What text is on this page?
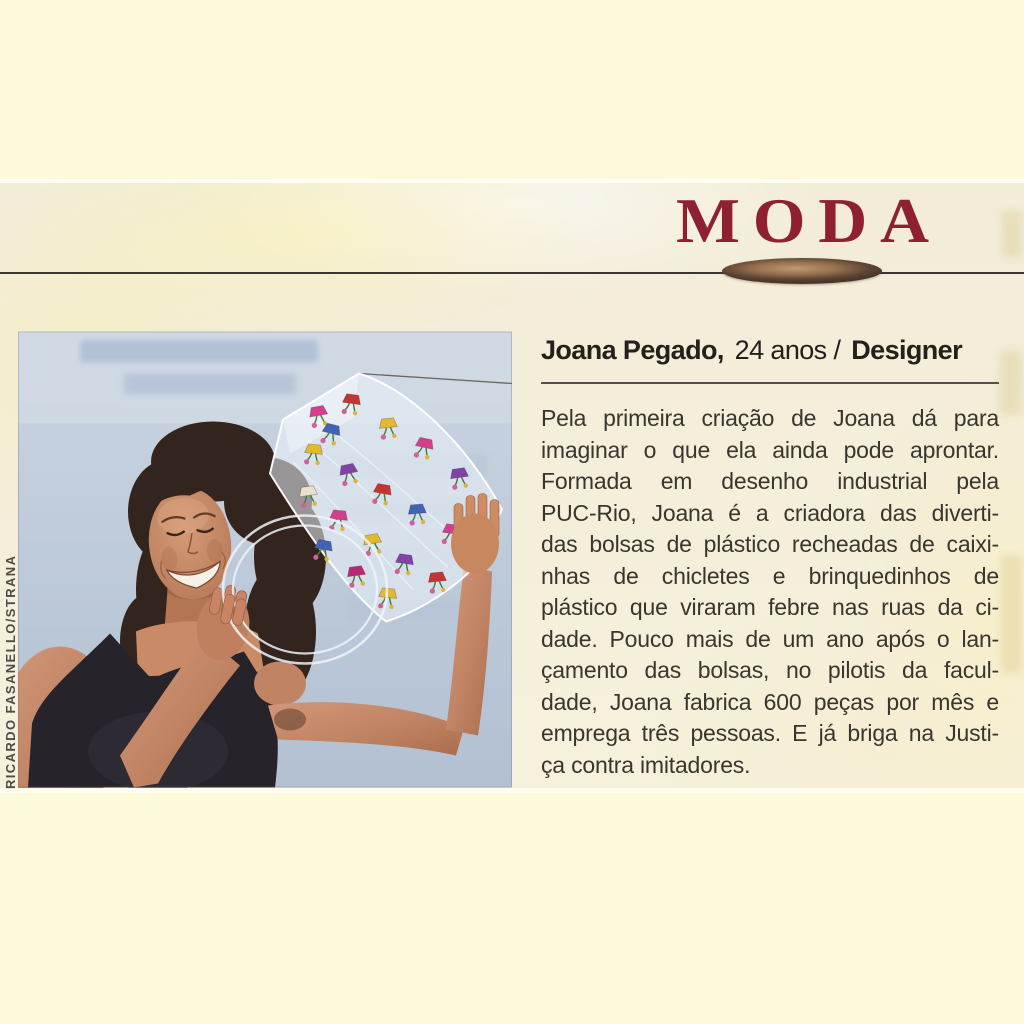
MODA
RICARDO FASANELLO/STRANA
Joana Pegado, 24 anos / Designer
Pela primeira criação de Joana dá para
imaginar o que ela ainda pode aprontar.
Formada em desenho industrial pela
PUC-Rio, Joana é a criadora das diverti-
das bolsas de plástico recheadas de caixi-
nhas de chicletes e brinquedinhos de
plástico que viraram febre nas ruas da ci-
dade. Pouco mais de um ano após o lan-
çamento das bolsas, no pilotis da facul-
dade, Joana fabrica 600 peças por mês e
emprega três pessoas. E já briga na Justi-
ça contra imitadores.
